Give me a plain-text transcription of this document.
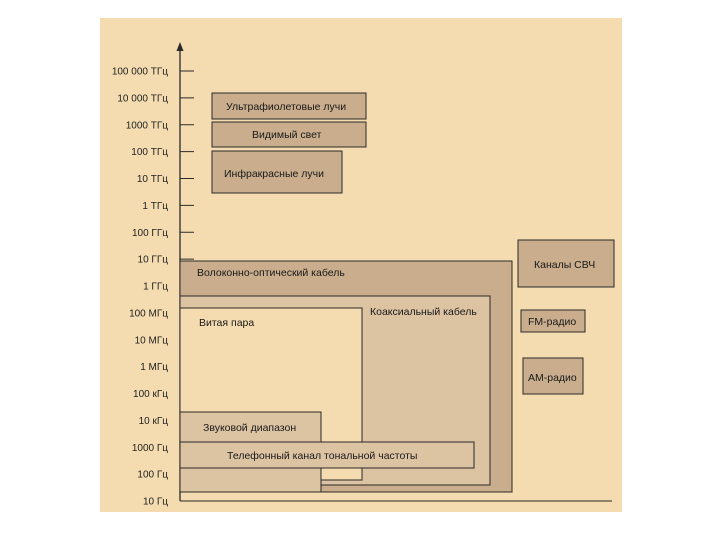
100 000 ТГц
10 000 ТГц
1000 ТГц
100 ТГц
10 ТГц
1 ТГц
100 ГГц
10 ГГц
1 ГГц
100 МГц
10 МГц
1 МГц
100 кГц
10 кГц
1000 Гц
100 Гц
10 Гц
Волоконно-оптический кабель
Коаксиальный кабель
Витая пара
Звуковой диапазон
Телефонный канал тональной частоты
Ультрафиолетовые лучи
Видимый свет
Инфракрасные лучи
Каналы СВЧ
FM-радио
AM-радио
